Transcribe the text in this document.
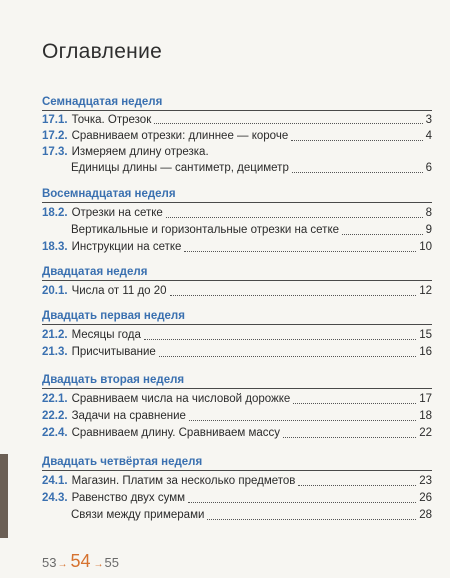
Оглавление
Семнадцатая неделя
17.1. Точка. Отрезок	3
17.2. Сравниваем отрезки: длиннее — короче	4
17.3. Измеряем длину отрезка.
Единицы длины — сантиметр, дециметр	6
Восемнадцатая неделя
18.2. Отрезки на сетке	8
Вертикальные и горизонтальные отрезки на сетке	9
18.3. Инструкции на сетке	10
Двадцатая неделя
20.1. Числа от 11 до 20	12
Двадцать первая неделя
21.2. Месяцы года	15
21.3. Присчитывание	16
Двадцать вторая неделя
22.1. Сравниваем числа на числовой дорожке	17
22.2. Задачи на сравнение	18
22.4. Сравниваем длину. Сравниваем массу	22
Двадцать четвёртая неделя
24.1. Магазин. Платим за несколько предметов	23
24.3. Равенство двух сумм	26
Связи между примерами	28
53 → 54 → 55
